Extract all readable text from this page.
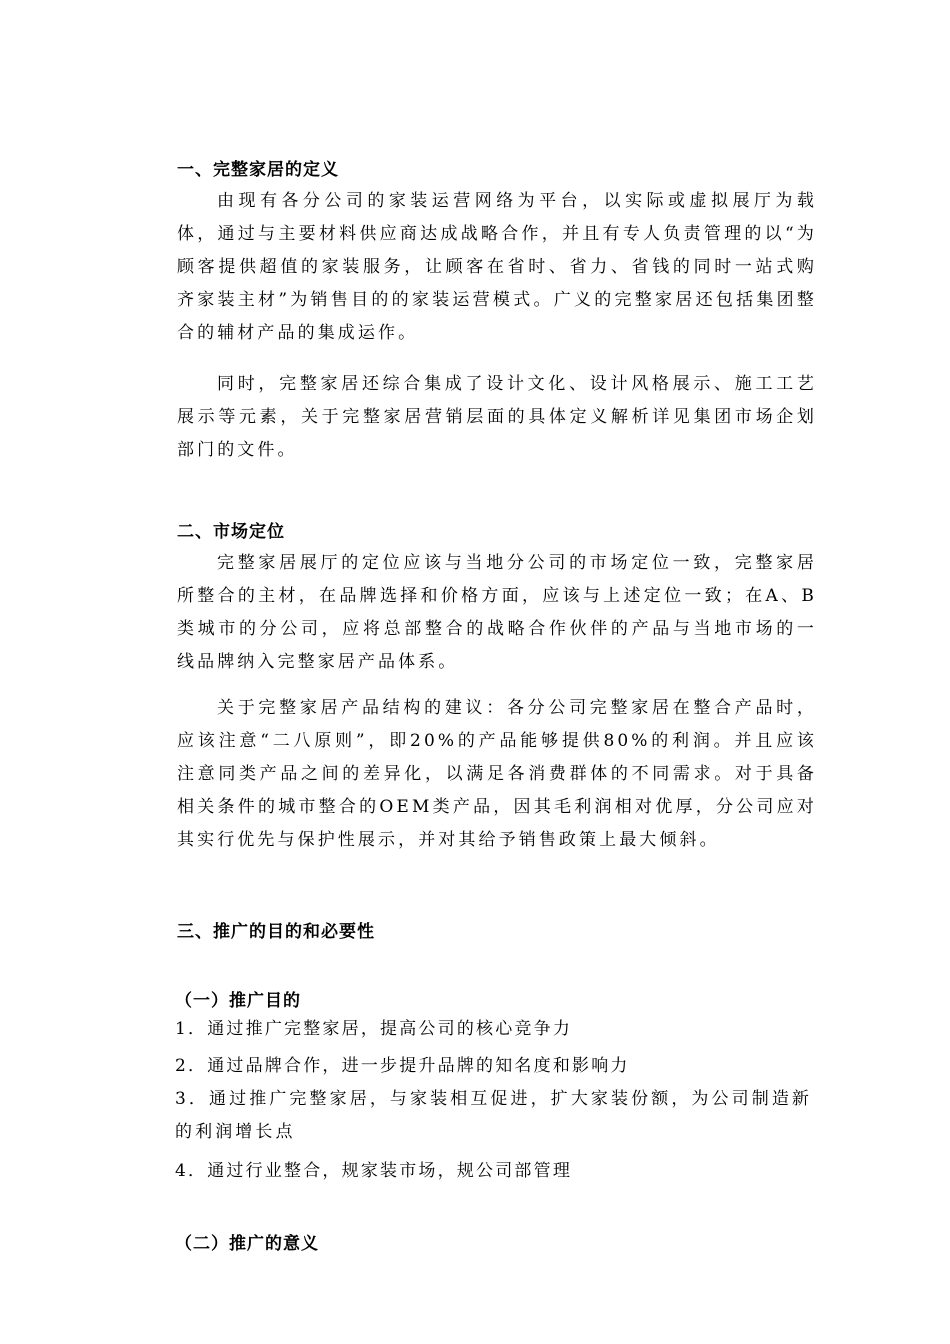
一、完整家居的定义
由现有各分公司的家装运营网络为平台，以实际或虚拟展厅为载体，通过与主要材料供应商达成战略合作，并且有专人负责管理的以“为顾客提供超值的家装服务，让顾客在省时、省力、省钱的同时一站式购齐家装主材”为销售目的的家装运营模式。广义的完整家居还包括集团整合的辅材产品的集成运作。
同时，完整家居还综合集成了设计文化、设计风格展示、施工工艺展示等元素，关于完整家居营销层面的具体定义解析详见集团市场企划部门的文件。
二、市场定位
完整家居展厅的定位应该与当地分公司的市场定位一致，完整家居所整合的主材，在品牌选择和价格方面，应该与上述定位一致；在A、B类城市的分公司，应将总部整合的战略合作伙伴的产品与当地市场的一线品牌纳入完整家居产品体系。
关于完整家居产品结构的建议：各分公司完整家居在整合产品时，应该注意“二八原则”，即20%的产品能够提供80%的利润。并且应该注意同类产品之间的差异化，以满足各消费群体的不同需求。对于具备相关条件的城市整合的OEM类产品，因其毛利润相对优厚，分公司应对其实行优先与保护性展示，并对其给予销售政策上最大倾斜。
三、推广的目的和必要性
（一）推广目的
1．通过推广完整家居，提高公司的核心竞争力
2．通过品牌合作，进一步提升品牌的知名度和影响力
3．通过推广完整家居，与家装相互促进，扩大家装份额，为公司制造新的利润增长点
4．通过行业整合，规家装市场，规公司部管理
（二）推广的意义
